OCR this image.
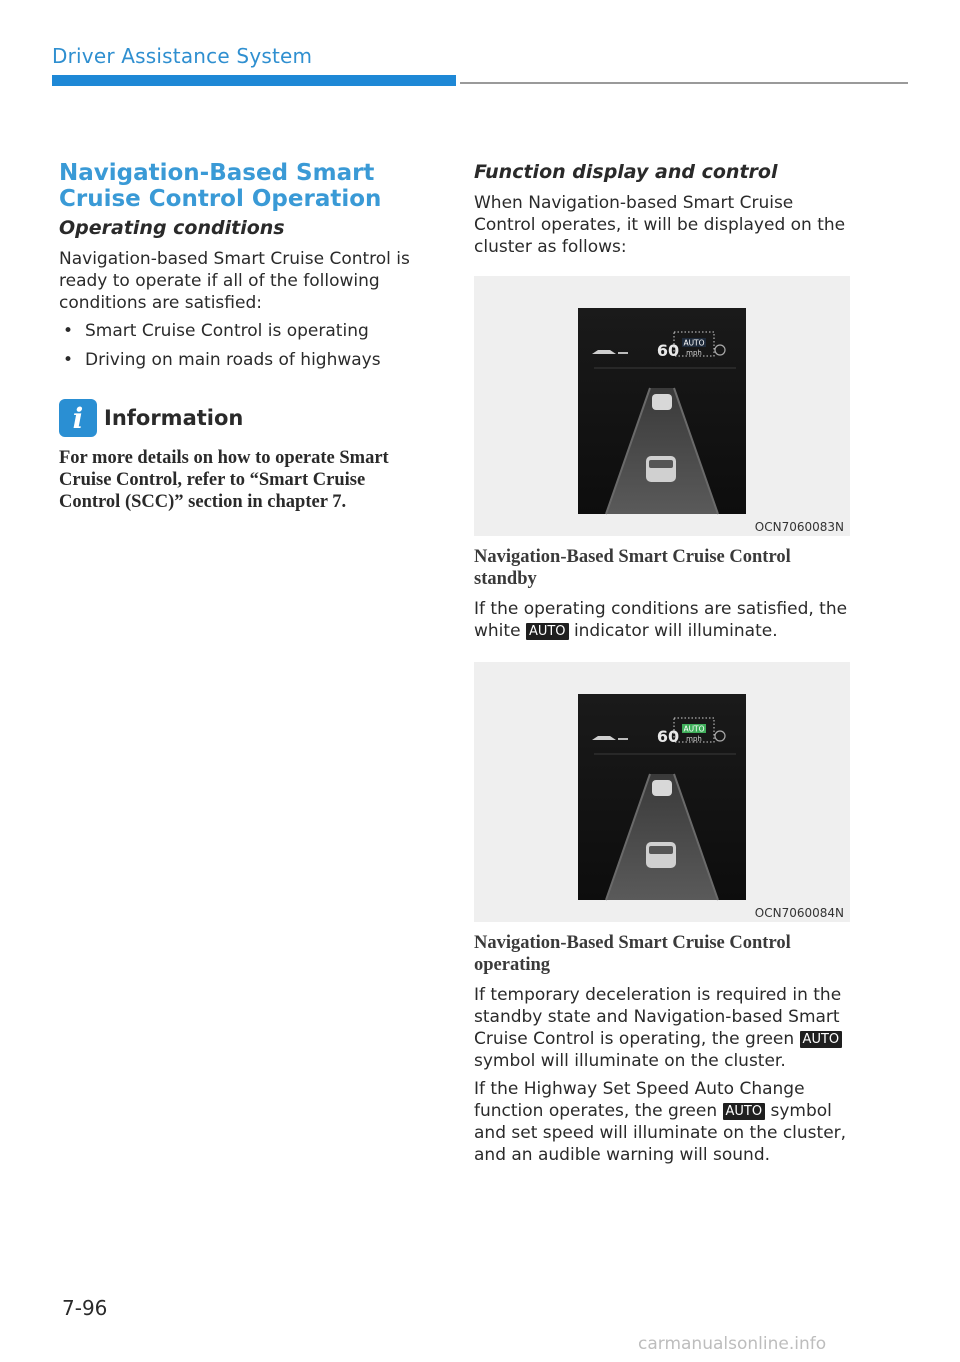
Driver Assistance System
Navigation-Based Smart Cruise Control Operation
Operating conditions

Navigation-based Smart Cruise Control is ready to operate if all of the following conditions are satisfied:

• Smart Cruise Control is operating
• Driving on main roads of highways
i Information
For more details on how to operate Smart Cruise Control, refer to “Smart Cruise Control (SCC)” section in chapter 7.
Function display and control

When Navigation-based Smart Cruise Control operates, it will be displayed on the cluster as follows:

AUTO
60 mph
OCN7060083N
Navigation-Based Smart Cruise Control standby

If the operating conditions are satisfied, the white AUTO indicator will illuminate.

AUTO
60 mph
OCN7060084N
Navigation-Based Smart Cruise Control operating

If temporary deceleration is required in the standby state and Navigation-based Smart Cruise Control is operating, the green AUTO symbol will illuminate on the cluster.

If the Highway Set Speed Auto Change function operates, the green AUTO symbol and set speed will illuminate on the cluster, and an audible warning will sound.

7-96
carmanualsonline.info
